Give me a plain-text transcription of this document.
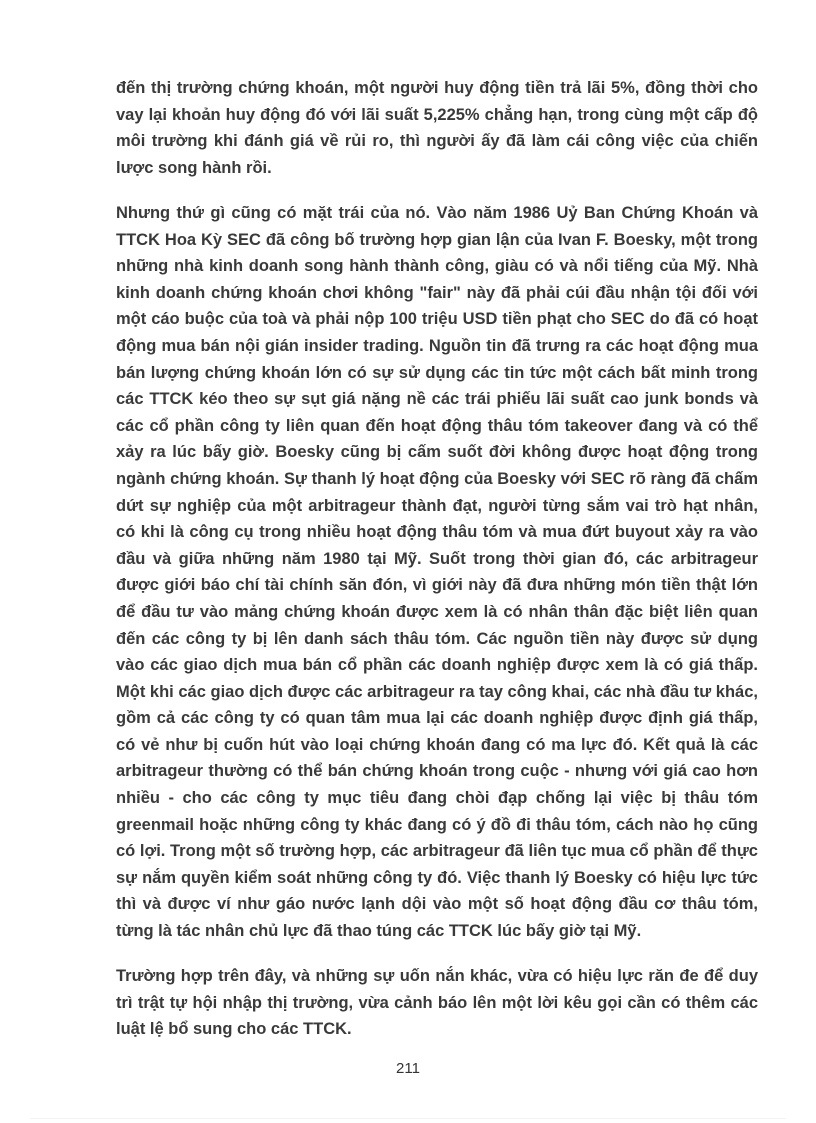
đến thị trường chứng khoán, một người huy động tiền trả lãi 5%, đồng thời cho
vay lại khoản huy động đó với lãi suất 5,225% chẳng hạn, trong cùng một cấp độ
môi trường khi đánh giá về rủi ro, thì người ấy đã làm cái công việc của chiến
lược song hành rồi.
Nhưng thứ gì cũng có mặt trái của nó. Vào năm 1986 Uỷ Ban Chứng Khoán và
TTCK Hoa Kỳ SEC đã công bố trường hợp gian lận của Ivan F. Boesky, một trong
những nhà kinh doanh song hành thành công, giàu có và nổi tiếng của Mỹ. Nhà
kinh doanh chứng khoán chơi không "fair" này đã phải cúi đầu nhận tội đối với
một cáo buộc của toà và phải nộp 100 triệu USD tiền phạt cho SEC do đã có hoạt
động mua bán nội gián insider trading. Nguồn tin đã trưng ra các hoạt động mua
bán lượng chứng khoán lớn có sự sử dụng các tin tức một cách bất minh trong
các TTCK kéo theo sự sụt giá nặng nề các trái phiếu lãi suất cao junk bonds và
các cổ phần công ty liên quan đến hoạt động thâu tóm takeover đang và có thể
xảy ra lúc bấy giờ. Boesky cũng bị cấm suốt đời không được hoạt động trong
ngành chứng khoán. Sự thanh lý hoạt động của Boesky với SEC rõ ràng đã chấm
dứt sự nghiệp của một arbitrageur thành đạt, người từng sắm vai trò hạt nhân,
có khi là công cụ trong nhiều hoạt động thâu tóm và mua đứt buyout xảy ra vào
đầu và giữa những năm 1980 tại Mỹ. Suốt trong thời gian đó, các arbitrageur
được giới báo chí tài chính săn đón, vì giới này đã đưa những món tiền thật lớn
để đầu tư vào mảng chứng khoán được xem là có nhân thân đặc biệt liên quan
đến các công ty bị lên danh sách thâu tóm. Các nguồn tiền này được sử dụng
vào các giao dịch mua bán cổ phần các doanh nghiệp được xem là có giá thấp.
Một khi các giao dịch được các arbitrageur ra tay công khai, các nhà đầu tư khác,
gồm cả các công ty có quan tâm mua lại các doanh nghiệp được định giá thấp,
có vẻ như bị cuốn hút vào loại chứng khoán đang có ma lực đó. Kết quả là các
arbitrageur thường có thể bán chứng khoán trong cuộc - nhưng với giá cao hơn
nhiều - cho các công ty mục tiêu đang chòi đạp chống lại việc bị thâu tóm
greenmail hoặc những công ty khác đang có ý đồ đi thâu tóm, cách nào họ cũng
có lợi. Trong một số trường hợp, các arbitrageur đã liên tục mua cổ phần để thực
sự nắm quyền kiểm soát những công ty đó. Việc thanh lý Boesky có hiệu lực tức
thì và được ví như gáo nước lạnh dội vào một số hoạt động đầu cơ thâu tóm,
từng là tác nhân chủ lực đã thao túng các TTCK lúc bấy giờ tại Mỹ.
Trường hợp trên đây, và những sự uốn nắn khác, vừa có hiệu lực răn đe để duy
trì trật tự hội nhập thị trường, vừa cảnh báo lên một lời kêu gọi cần có thêm các
luật lệ bổ sung cho các TTCK.
211
